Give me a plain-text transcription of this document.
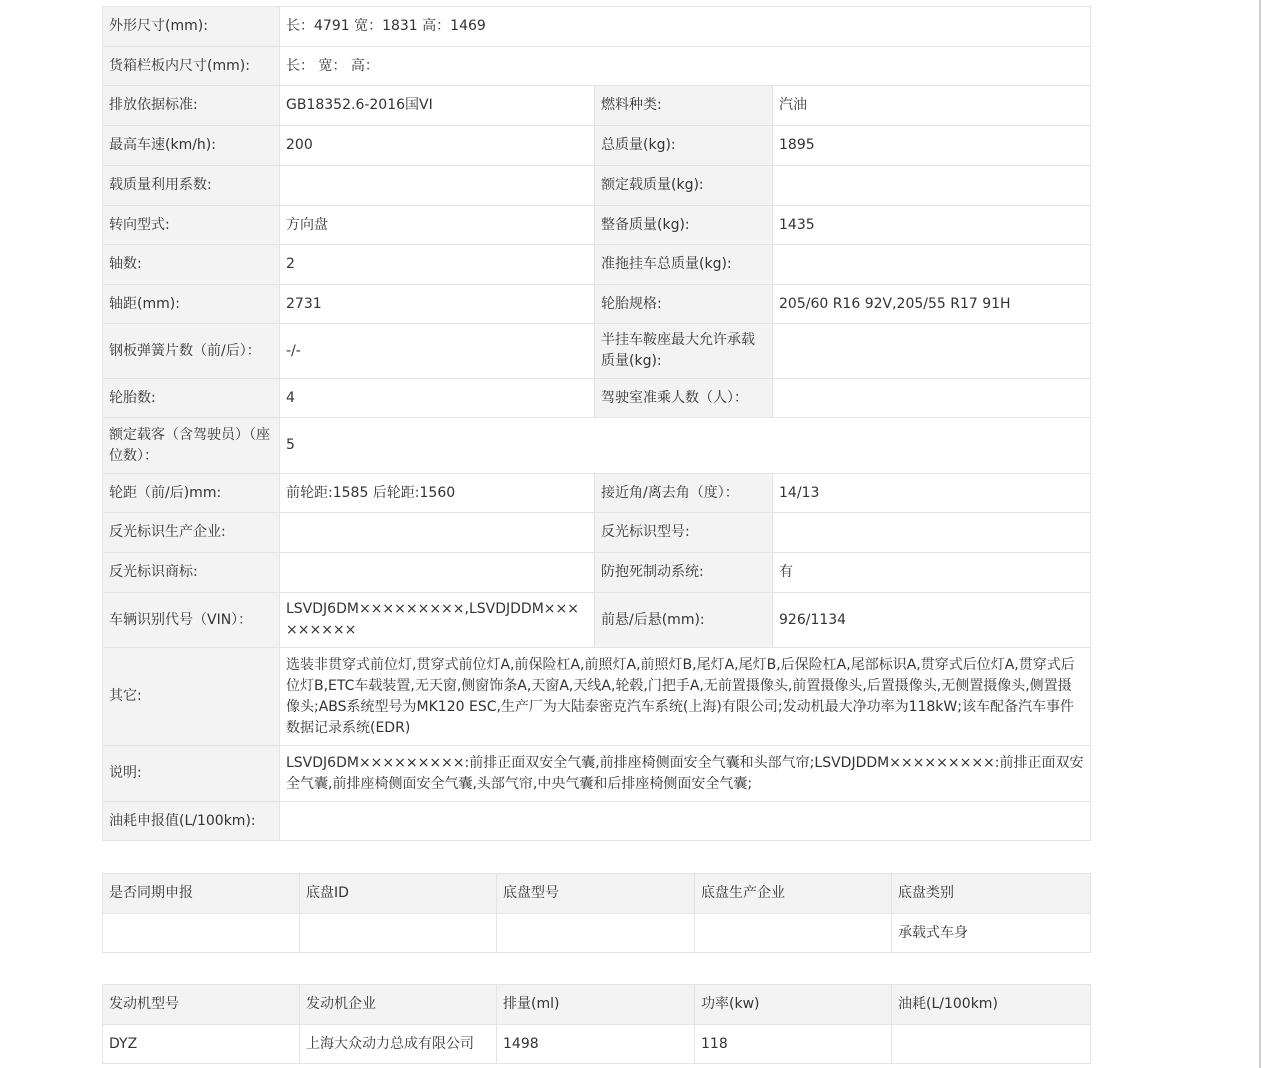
外形尺寸(mm):	长：4791 宽：1831 高：1469		
货箱栏板内尺寸(mm):	长： 宽： 高：		
排放依据标准:	GB18352.6-2016国VI	燃料种类:	汽油
最高车速(km/h):	200	总质量(kg):	1895
载质量利用系数:		额定载质量(kg):	
转向型式:	方向盘	整备质量(kg):	1435
轴数:	2	准拖挂车总质量(kg):	
轴距(mm):	2731	轮胎规格:	205/60 R16 92V,205/55 R17 91H
钢板弹簧片数（前/后）：	-/-	半挂车鞍座最大允许承载质量(kg):	
轮胎数:	4	驾驶室准乘人数（人）：	
额定载客（含驾驶员）（座位数）：	5		
轮距（前/后)mm:	前轮距:1585 后轮距:1560	接近角/离去角（度）：	14/13
反光标识生产企业:		反光标识型号:	
反光标识商标:		防抱死制动系统:	有
车辆识别代号（VIN）：	LSVDJ6DM×××××××××,LSVDJDDM×××××××××	前悬/后悬(mm):	926/1134
其它:	选装非贯穿式前位灯,贯穿式前位灯A,前保险杠A,前照灯A,前照灯B,尾灯A,尾灯B,后保险杠A,尾部标识A,贯穿式后位灯A,贯穿式后位灯B,ETC车载装置,无天窗,侧窗饰条A,天窗A,天线A,轮毂,门把手A,无前置摄像头,前置摄像头,后置摄像头,无侧置摄像头,侧置摄像头;ABS系统型号为MK120 ESC,生产厂为大陆泰密克汽车系统(上海)有限公司;发动机最大净功率为118kW;该车配备汽车事件数据记录系统(EDR)		
说明:	LSVDJ6DM×××××××××:前排正面双安全气囊,前排座椅侧面安全气囊和头部气帘;LSVDJDDM×××××××××:前排正面双安全气囊,前排座椅侧面安全气囊,头部气帘,中央气囊和后排座椅侧面安全气囊;		
油耗申报值(L/100km):			
是否同期申报	底盘ID	底盘型号	底盘生产企业	底盘类别
				承载式车身
发动机型号	发动机企业	排量(ml)	功率(kw)	油耗(L/100km)
DYZ	上海大众动力总成有限公司	1498	118	
